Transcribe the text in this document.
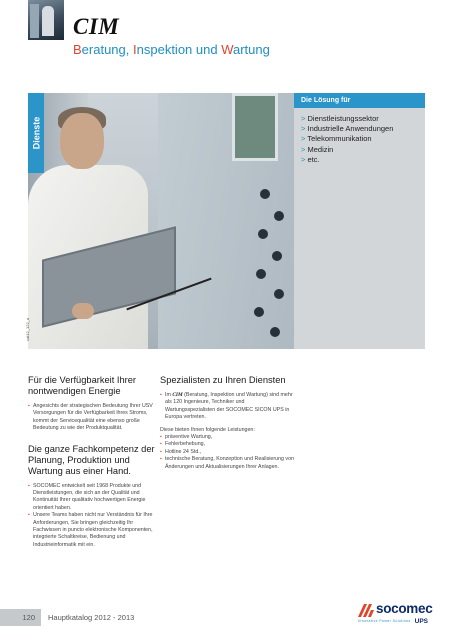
CIM
Beratung, Inspektion und Wartung
cat12_122_a
Dienste
Die Lösung für
> Dienstleistungssektor
> Industrielle Anwendungen
> Telekommunikation
> Medizin
> etc.
Für die Verfügbarkeit Ihrer nontwendigen Energie
▪ Angesichts der strategischen Bedeutung Ihrer USV Versorgungen für die Verfügbarkeit ihres Stroms, kommt der Servicequalität eine ebenso große Bedeutung zu wie der Produktqualität.
Die ganze Fachkompetenz der Planung, Produktion und Wartung aus einer Hand.
▪ SOCOMEC entwickelt seit 1968 Produkte und Dienstleistungen, die sich an der Qualität und Kontinuität Ihrer qualitativ hochwertigen Energie orientiert haben.
▪ Unsere Teams haben nicht nur Verständnis für Ihre Anforderungen, Sie bringen gleichzeitig Ihr Fachwissen in puncto elektronische Komponenten, integrierte Schaltkreise, Bedienung und Industrieinformatik mit ein.
Spezialisten zu Ihren Diensten
▪ Im CIM (Beratung, Inspektion und Wartung) sind mehr als 120 Ingenieure, Techniker und Wartungsspezialisten der SOCOMEC SICON UPS in Europa vertreten.

Diese bieten Ihnen folgende Leistungen:

▪ präventive Wartung,
▪ Fehlerbehebung,
▪ Hotline 24 Std.,
▪ technische Beratung, Konzeption und Realisierung von Änderungen und Aktualisierungen Ihrer Anlagen.
120	Hauptkatalog 2012 - 2013
socomec
Innovative Power Solutions UPS
